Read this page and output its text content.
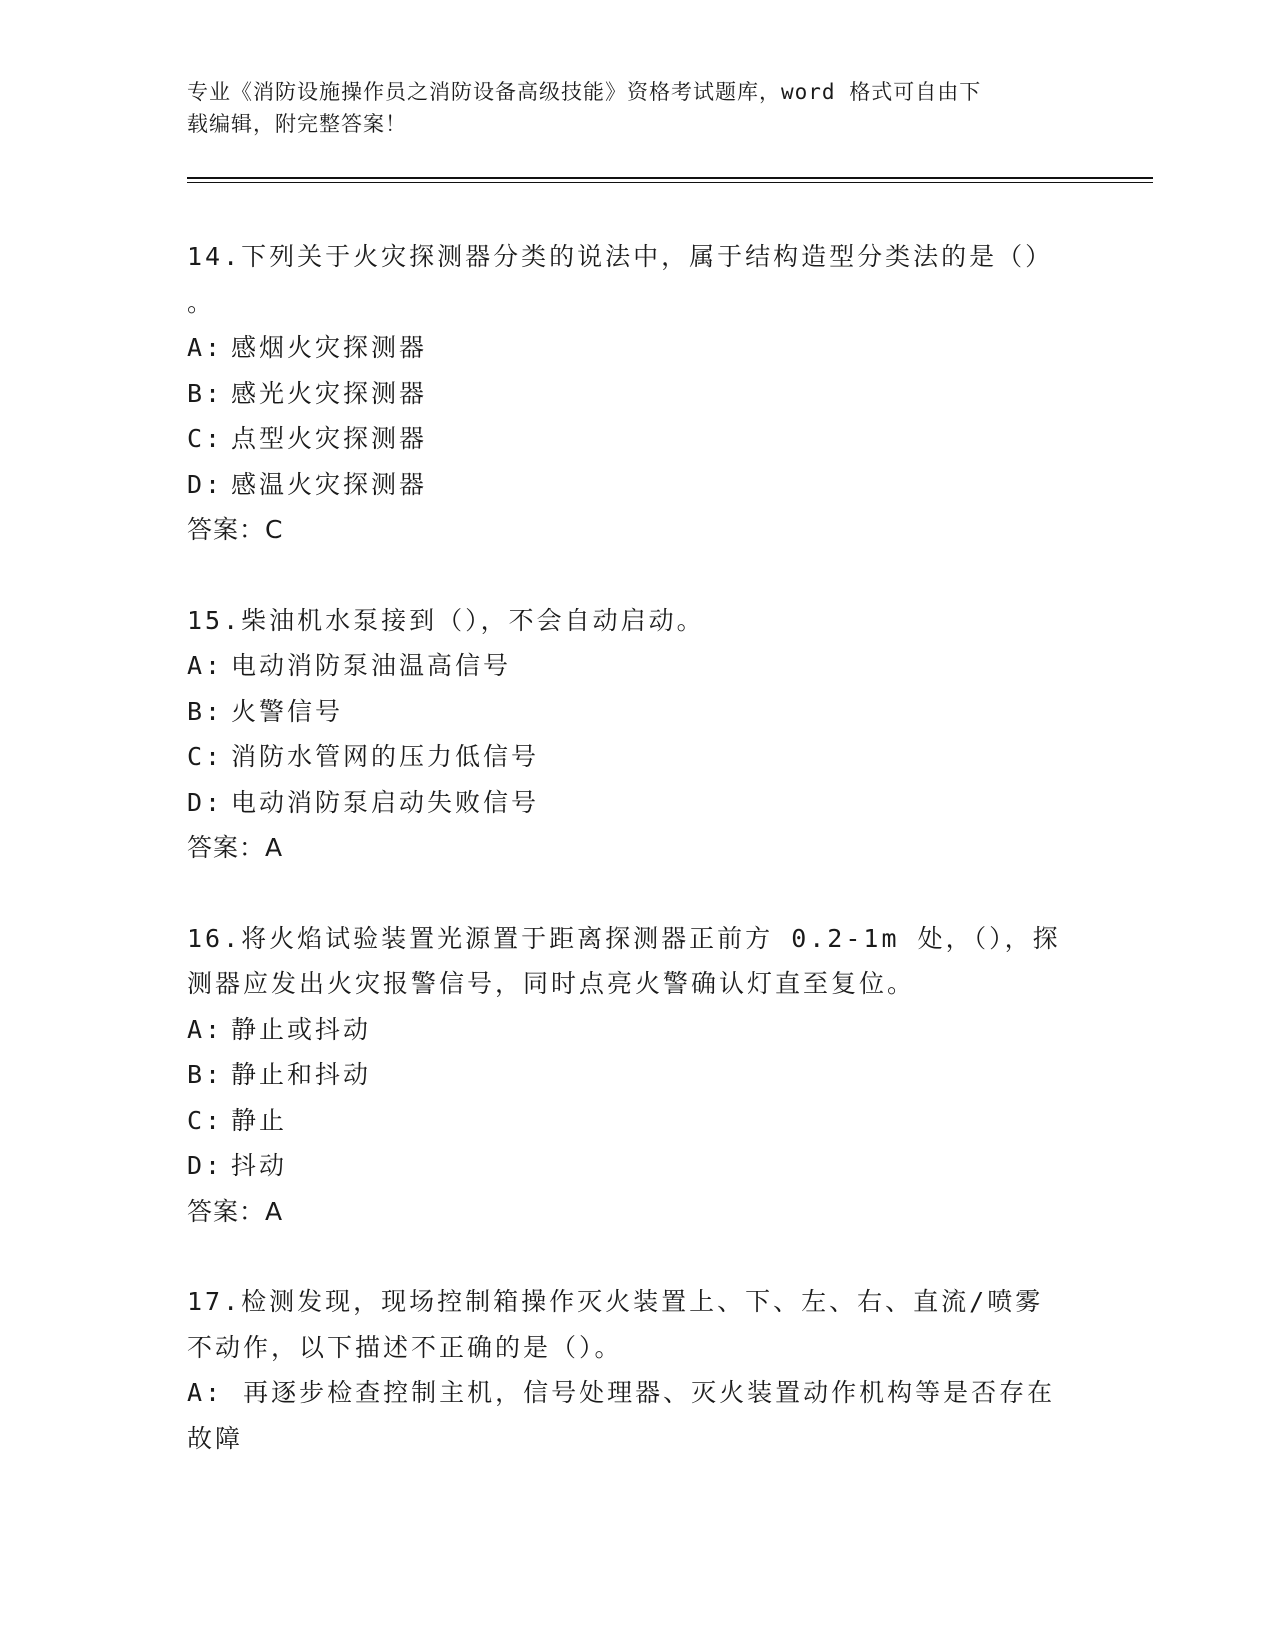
专业《消防设施操作员之消防设备高级技能》资格考试题库，word 格式可自由下
载编辑，附完整答案！
14.下列关于火灾探测器分类的说法中，属于结构造型分类法的是（）
。
A: 感烟火灾探测器
B: 感光火灾探测器
C: 点型火灾探测器
D: 感温火灾探测器
答案：C
15.柴油机水泵接到（），不会自动启动。
A: 电动消防泵油温高信号
B: 火警信号
C: 消防水管网的压力低信号
D: 电动消防泵启动失败信号
答案：A
16.将火焰试验装置光源置于距离探测器正前方 0.2-1m 处，（），探
测器应发出火灾报警信号，同时点亮火警确认灯直至复位。
A: 静止或抖动
B: 静止和抖动
C: 静止
D: 抖动
答案：A
17.检测发现，现场控制箱操作灭火装置上、下、左、右、直流/喷雾
不动作，以下描述不正确的是（）。
A: 再逐步检查控制主机，信号处理器、灭火装置动作机构等是否存在
故障
